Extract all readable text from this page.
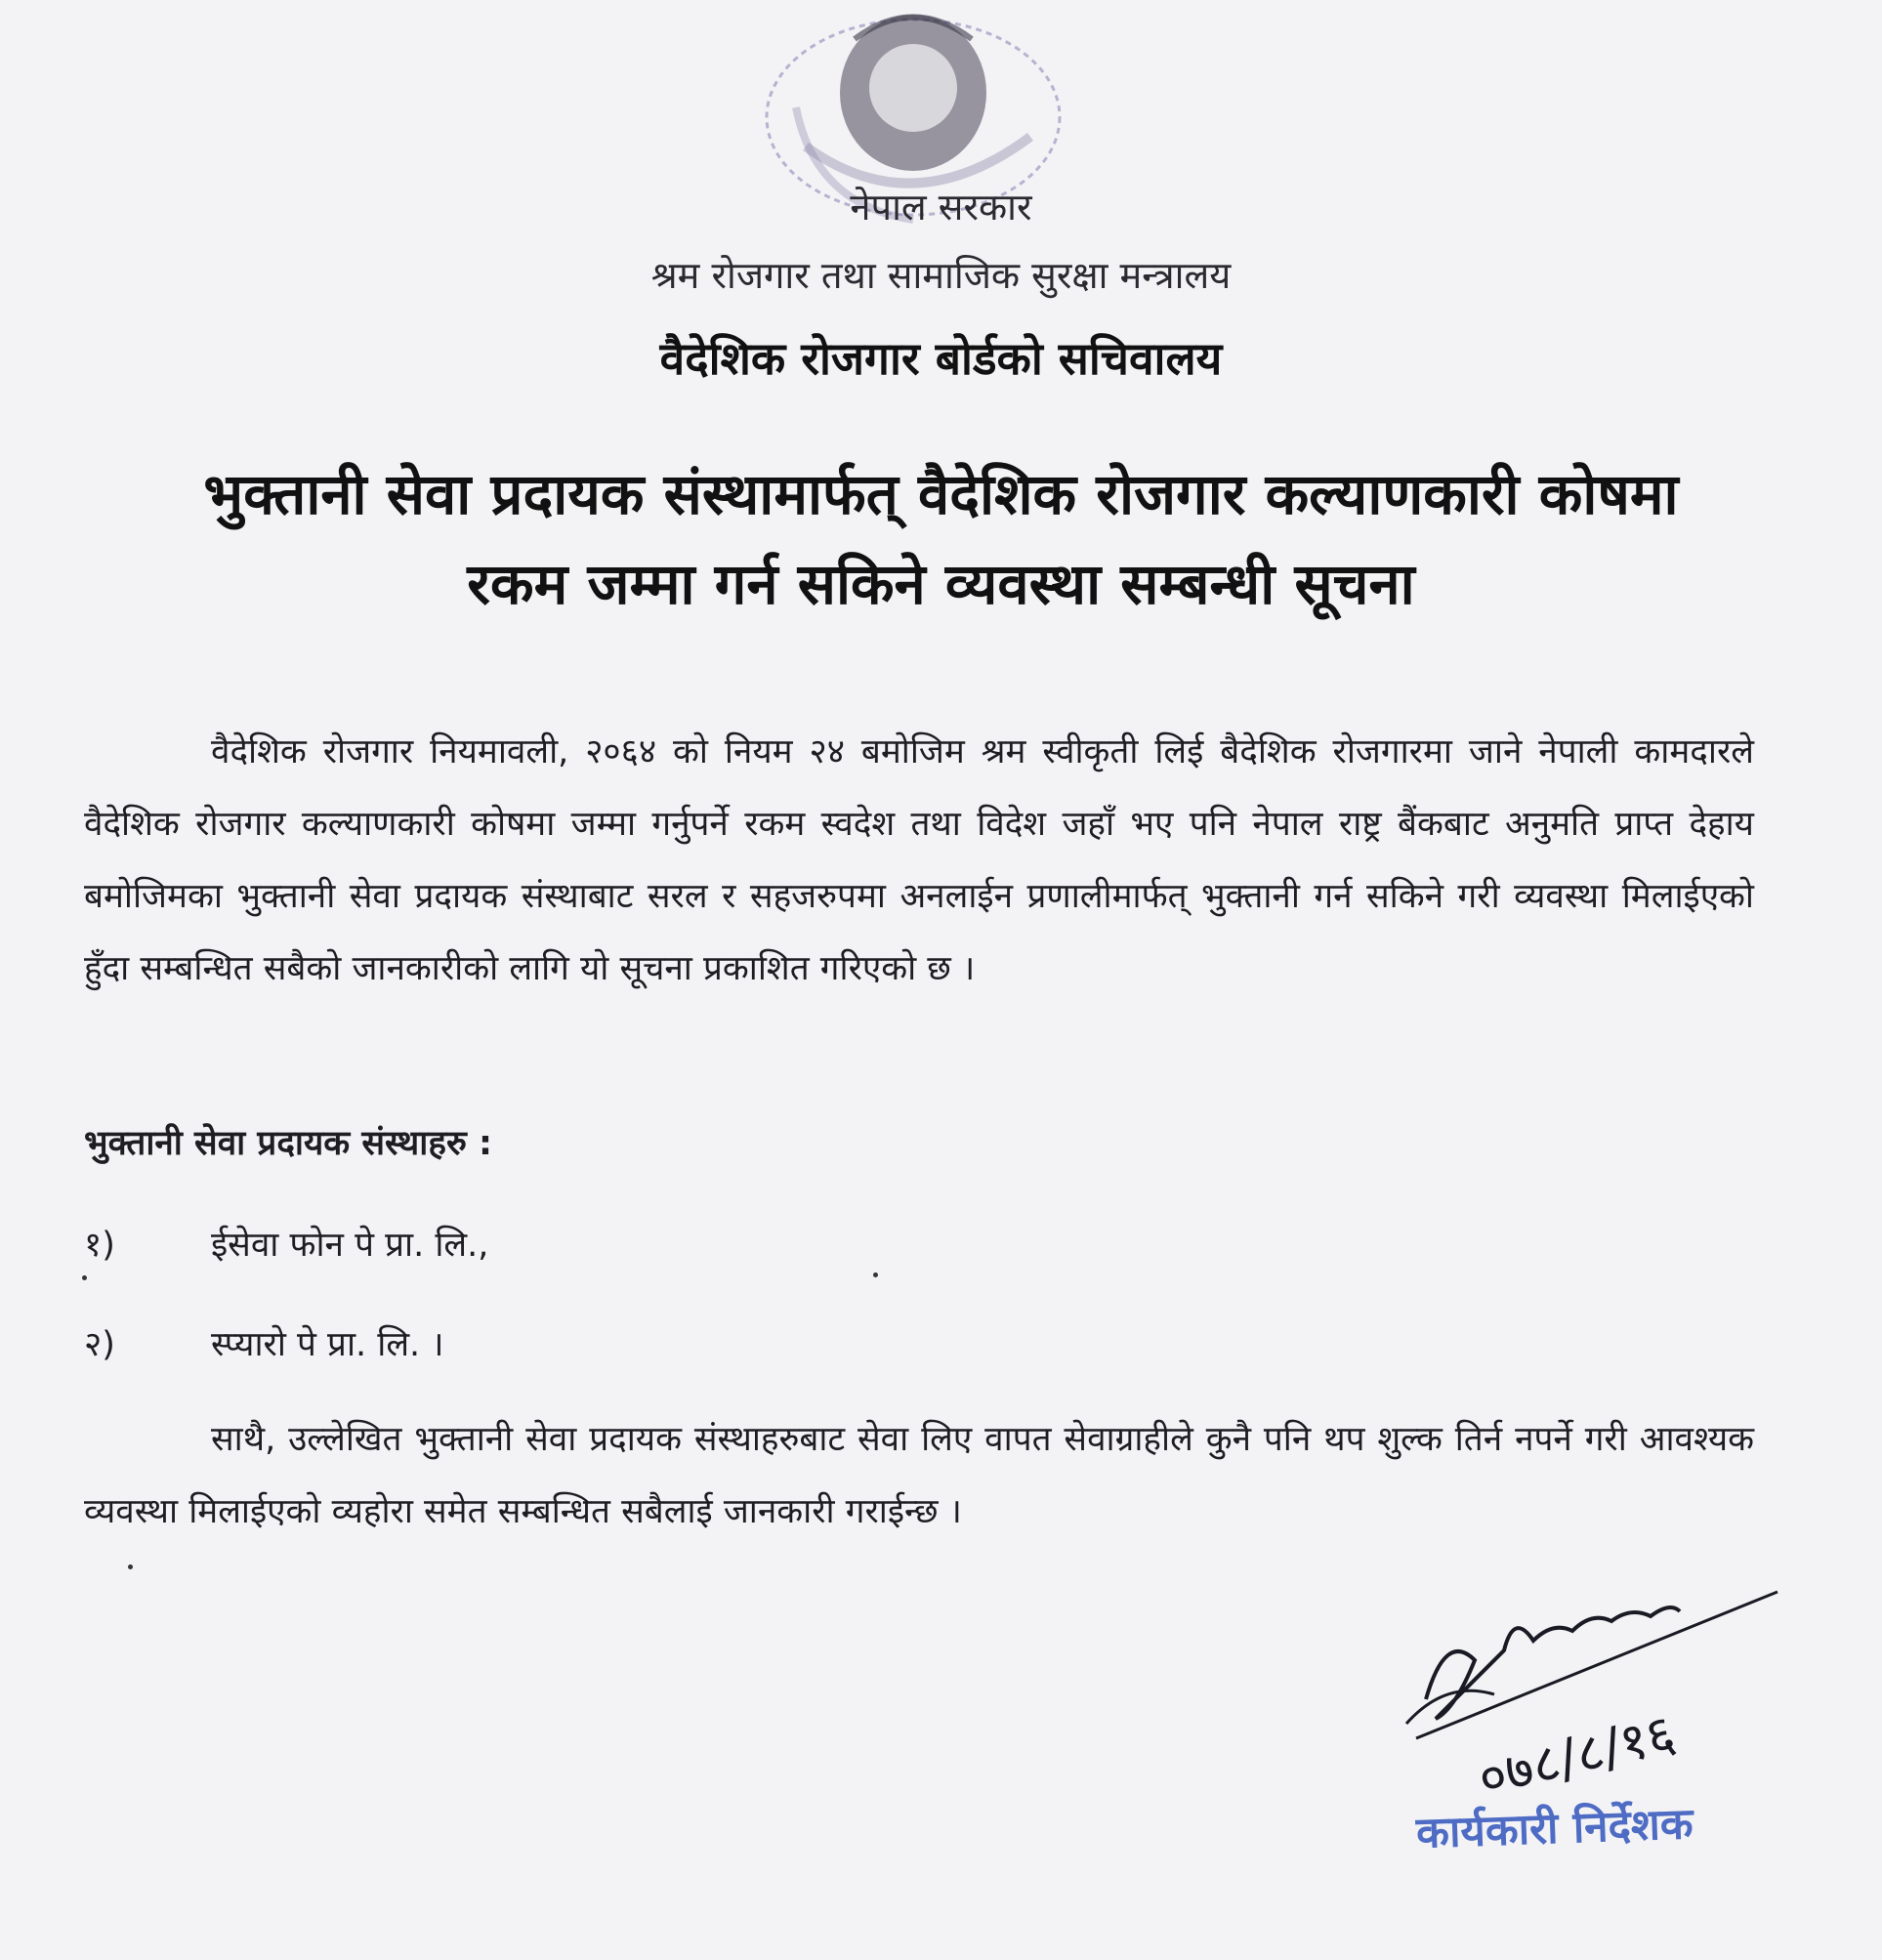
नेपाल सरकार
श्रम रोजगार तथा सामाजिक सुरक्षा मन्त्रालय
वैदेशिक रोजगार बोर्डको सचिवालय
भुक्तानी सेवा प्रदायक संस्थामार्फत् वैदेशिक रोजगार कल्याणकारी कोषमा
रकम जम्मा गर्न सकिने व्यवस्था सम्बन्धी सूचना
वैदेशिक रोजगार नियमावली, २०६४ को नियम २४ बमोजिम श्रम स्वीकृती लिई बैदेशिक रोजगारमा जाने नेपाली कामदारले वैदेशिक रोजगार कल्याणकारी कोषमा जम्मा गर्नुपर्ने रकम स्वदेश तथा विदेश जहाँ भए पनि नेपाल राष्ट्र बैंकबाट अनुमति प्राप्त देहाय बमोजिमका भुक्तानी सेवा प्रदायक संस्थाबाट सरल र सहजरुपमा अनलाईन प्रणालीमार्फत् भुक्तानी गर्न सकिने गरी व्यवस्था मिलाईएको हुँदा सम्बन्धित सबैको जानकारीको लागि यो सूचना प्रकाशित गरिएको छ ।
भुक्तानी सेवा प्रदायक संस्थाहरु :
१)	ईसेवा फोन पे प्रा. लि.,
२)	स्प्यारो पे प्रा. लि. ।
साथै, उल्लेखित भुक्तानी सेवा प्रदायक संस्थाहरुबाट सेवा लिए वापत सेवाग्राहीले कुनै पनि थप शुल्क तिर्न नपर्ने गरी आवश्यक व्यवस्था मिलाईएको व्यहोरा समेत सम्बन्धित सबैलाई जानकारी गराईन्छ ।
०७८/८/१६
कार्यकारी निर्देशक
